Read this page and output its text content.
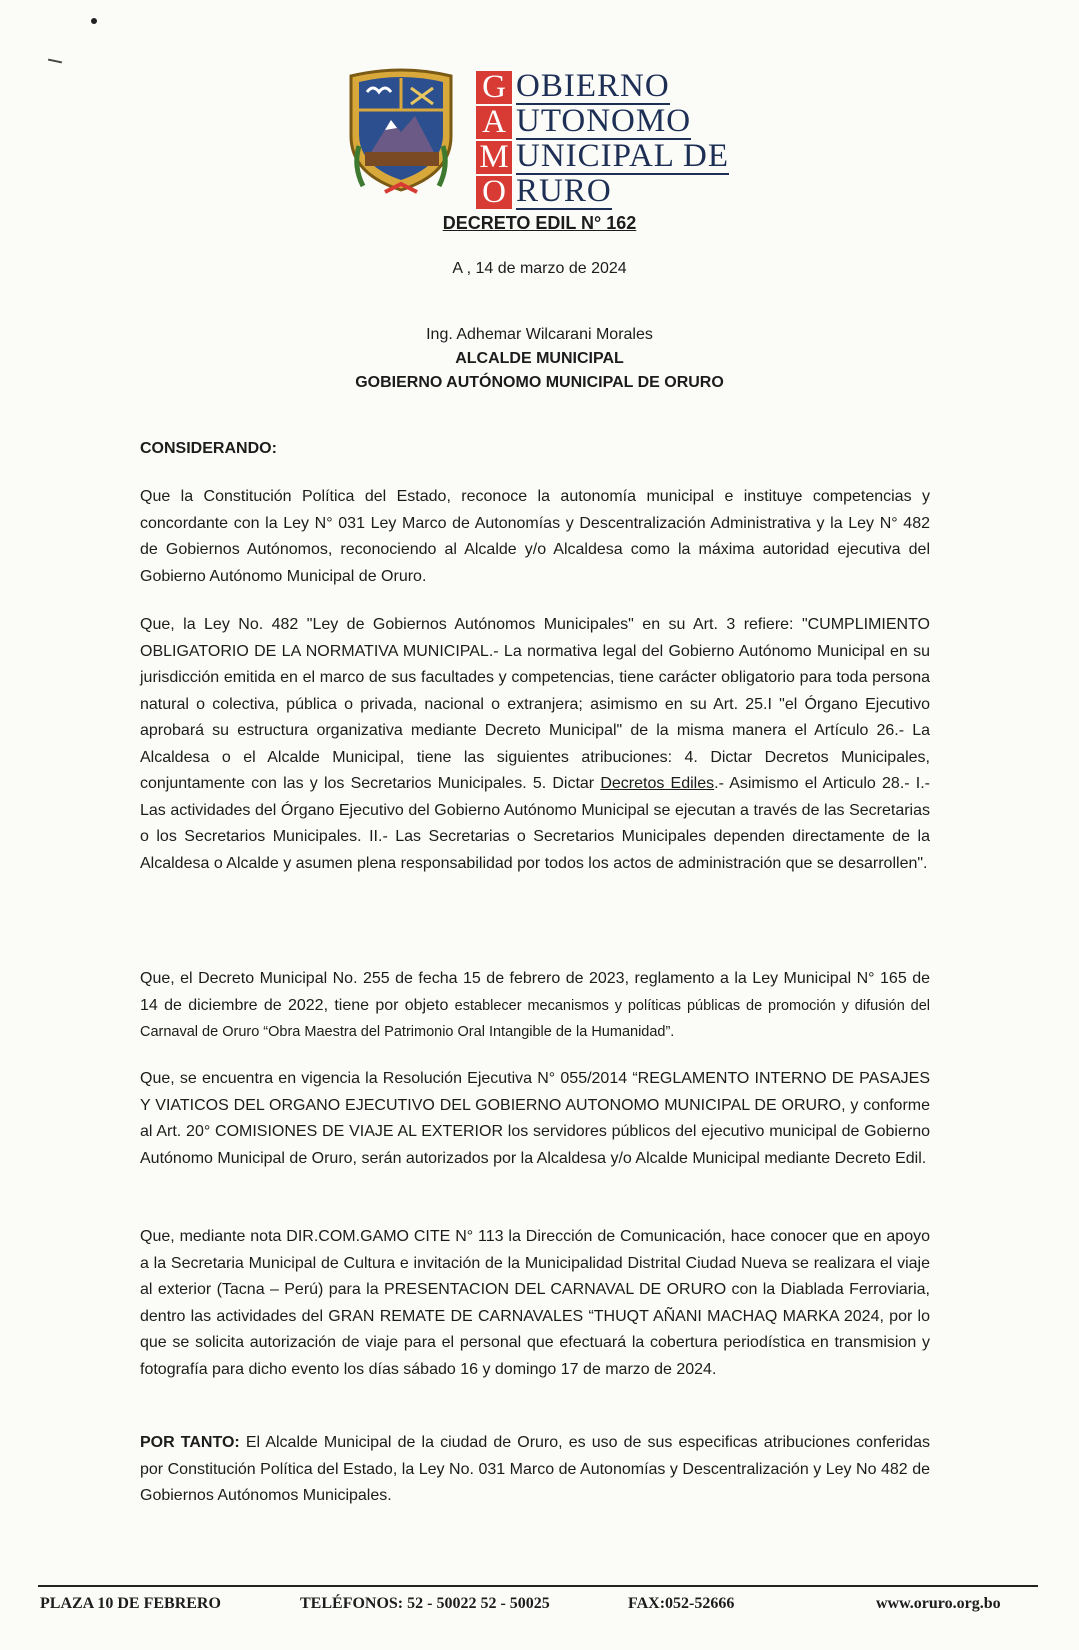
G OBIERNO
A UTONOMO
M UNICIPAL DE
O RURO
DECRETO EDIL N° 162
A , 14 de marzo de 2024
Ing. Adhemar Wilcarani Morales
ALCALDE MUNICIPAL
GOBIERNO AUTÓNOMO MUNICIPAL DE ORURO
CONSIDERANDO:
Que la Constitución Política del Estado, reconoce la autonomía municipal e instituye competencias y concordante con la Ley N° 031 Ley Marco de Autonomías y Descentralización Administrativa y la Ley N° 482 de Gobiernos Autónomos, reconociendo al Alcalde y/o Alcaldesa como la máxima autoridad ejecutiva del Gobierno Autónomo Municipal de Oruro.
Que, la Ley No. 482 "Ley de Gobiernos Autónomos Municipales" en su Art. 3 refiere: "CUMPLIMIENTO OBLIGATORIO DE LA NORMATIVA MUNICIPAL.- La normativa legal del Gobierno Autónomo Municipal en su jurisdicción emitida en el marco de sus facultades y competencias, tiene carácter obligatorio para toda persona natural o colectiva, pública o privada, nacional o extranjera; asimismo en su Art. 25.I "el Órgano Ejecutivo aprobará su estructura organizativa mediante Decreto Municipal" de la misma manera el Artículo 26.- La Alcaldesa o el Alcalde Municipal, tiene las siguientes atribuciones: 4. Dictar Decretos Municipales, conjuntamente con las y los Secretarios Municipales. 5. Dictar Decretos Ediles.- Asimismo el Articulo 28.- I.- Las actividades del Órgano Ejecutivo del Gobierno Autónomo Municipal se ejecutan a través de las Secretarias o los Secretarios Municipales. II.- Las Secretarias o Secretarios Municipales dependen directamente de la Alcaldesa o Alcalde y asumen plena responsabilidad por todos los actos de administración que se desarrollen".
Que, el Decreto Municipal No. 255 de fecha 15 de febrero de 2023, reglamento a la Ley Municipal N° 165 de 14 de diciembre de 2022, tiene por objeto establecer mecanismos y políticas públicas de promoción y difusión del Carnaval de Oruro “Obra Maestra del Patrimonio Oral Intangible de la Humanidad”.
Que, se encuentra en vigencia la Resolución Ejecutiva N° 055/2014 “REGLAMENTO INTERNO DE PASAJES Y VIATICOS DEL ORGANO EJECUTIVO DEL GOBIERNO AUTONOMO MUNICIPAL DE ORURO, y conforme al Art. 20° COMISIONES DE VIAJE AL EXTERIOR los servidores públicos del ejecutivo municipal de Gobierno Autónomo Municipal de Oruro, serán autorizados por la Alcaldesa y/o Alcalde Municipal mediante Decreto Edil.
Que, mediante nota DIR.COM.GAMO CITE N° 113 la Dirección de Comunicación, hace conocer que en apoyo a la Secretaria Municipal de Cultura e invitación de la Municipalidad Distrital Ciudad Nueva se realizara el viaje al exterior (Tacna – Perú) para la PRESENTACION DEL CARNAVAL DE ORURO con la Diablada Ferroviaria, dentro las actividades del GRAN REMATE DE CARNAVALES “THUQT AÑANI MACHAQ MARKA 2024, por lo que se solicita autorización de viaje para el personal que efectuará la cobertura periodística en transmision y fotografía para dicho evento los días sábado 16 y domingo 17 de marzo de 2024.
POR TANTO: El Alcalde Municipal de la ciudad de Oruro, es uso de sus especificas atribuciones conferidas por Constitución Política del Estado, la Ley No. 031 Marco de Autonomías y Descentralización y Ley No 482 de Gobiernos Autónomos Municipales.
PLAZA 10 DE FEBRERO	TELÉFONOS: 52 - 50022 52 - 50025	FAX:052-52666	www.oruro.org.bo
